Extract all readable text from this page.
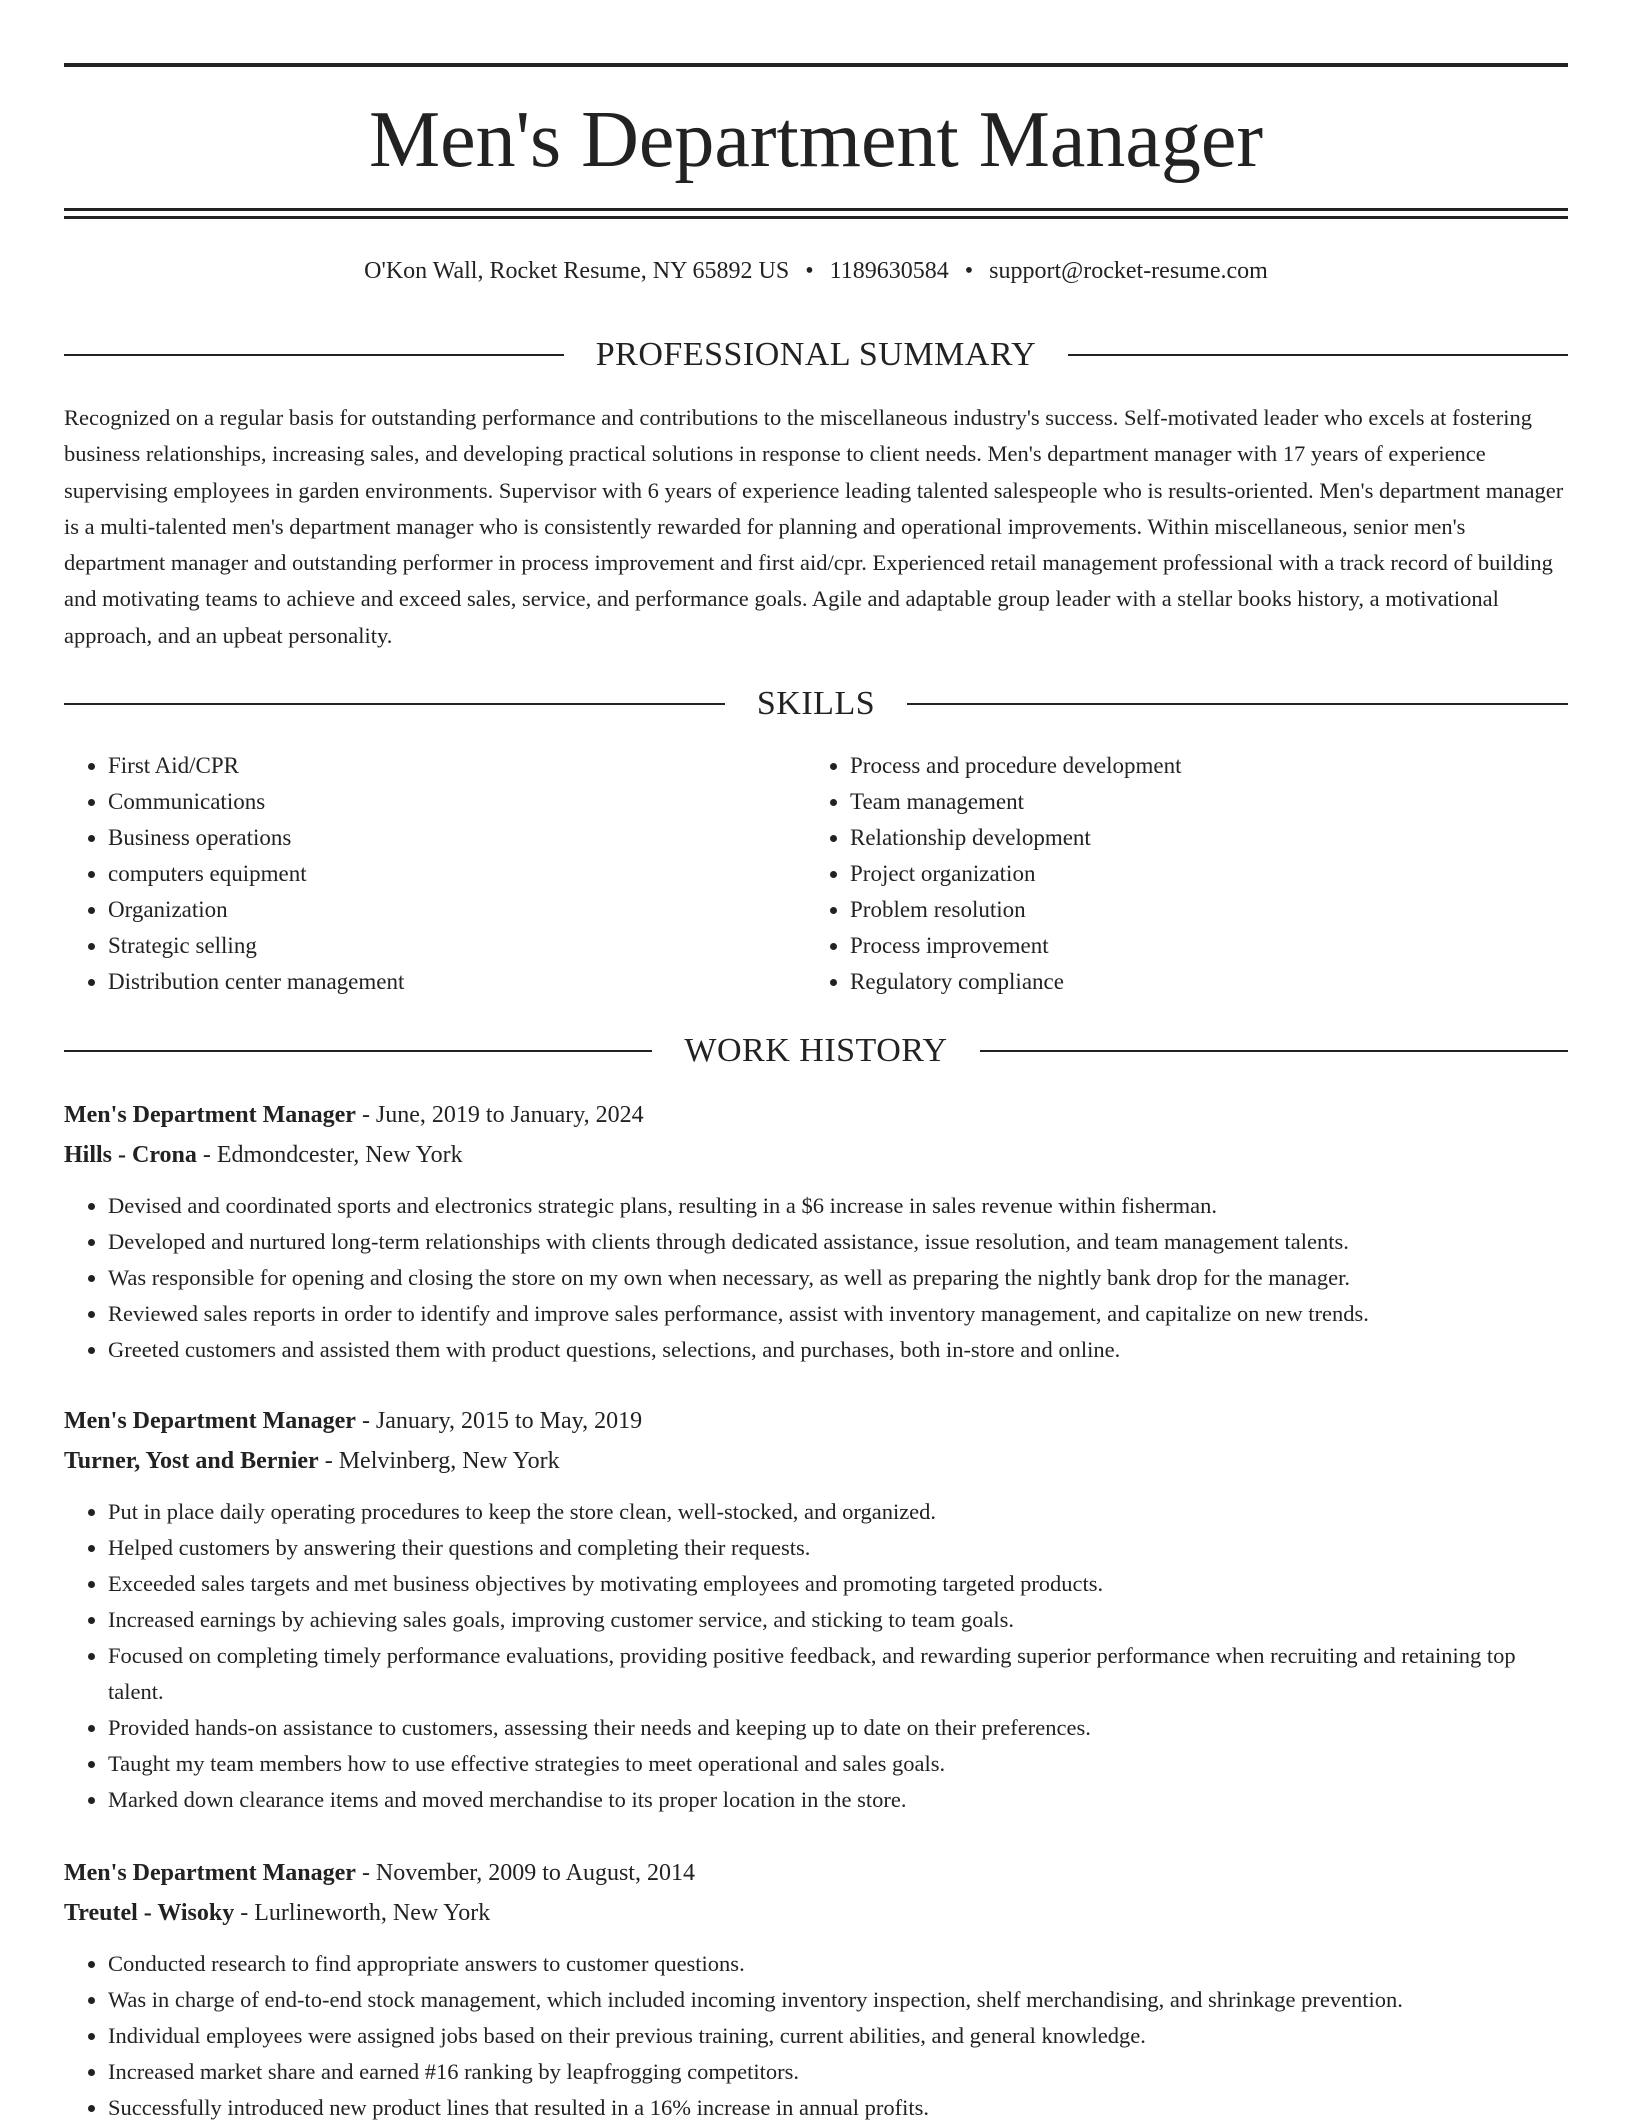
Men's Department Manager
O'Kon Wall, Rocket Resume, NY 65892 US • 1189630584 • support@rocket-resume.com
PROFESSIONAL SUMMARY

Recognized on a regular basis for outstanding performance and contributions to the miscellaneous industry's success. Self-motivated leader who excels at fostering business relationships, increasing sales, and developing practical solutions in response to client needs. Men's department manager with 17 years of experience supervising employees in garden environments. Supervisor with 6 years of experience leading talented salespeople who is results-oriented. Men's department manager is a multi-talented men's department manager who is consistently rewarded for planning and operational improvements. Within miscellaneous, senior men's department manager and outstanding performer in process improvement and first aid/cpr. Experienced retail management professional with a track record of building and motivating teams to achieve and exceed sales, service, and performance goals. Agile and adaptable group leader with a stellar books history, a motivational approach, and an upbeat personality.

SKILLS
• First Aid/CPR
• Communications
• Business operations
• computers equipment
• Organization
• Strategic selling
• Distribution center management
• Process and procedure development
• Team management
• Relationship development
• Project organization
• Problem resolution
• Process improvement
• Regulatory compliance
WORK HISTORY

Men's Department Manager - June, 2019 to January, 2024

Hills - Crona - Edmondcester, New York

• Devised and coordinated sports and electronics strategic plans, resulting in a $6 increase in sales revenue within fisherman.
• Developed and nurtured long-term relationships with clients through dedicated assistance, issue resolution, and team management talents.
• Was responsible for opening and closing the store on my own when necessary, as well as preparing the nightly bank drop for the manager.
• Reviewed sales reports in order to identify and improve sales performance, assist with inventory management, and capitalize on new trends.
• Greeted customers and assisted them with product questions, selections, and purchases, both in-store and online.

Men's Department Manager - January, 2015 to May, 2019

Turner, Yost and Bernier - Melvinberg, New York

• Put in place daily operating procedures to keep the store clean, well-stocked, and organized.
• Helped customers by answering their questions and completing their requests.
• Exceeded sales targets and met business objectives by motivating employees and promoting targeted products.
• Increased earnings by achieving sales goals, improving customer service, and sticking to team goals.
• Focused on completing timely performance evaluations, providing positive feedback, and rewarding superior performance when recruiting and retaining top talent.
• Provided hands-on assistance to customers, assessing their needs and keeping up to date on their preferences.
• Taught my team members how to use effective strategies to meet operational and sales goals.
• Marked down clearance items and moved merchandise to its proper location in the store.

Men's Department Manager - November, 2009 to August, 2014

Treutel - Wisoky - Lurlineworth, New York

• Conducted research to find appropriate answers to customer questions.
• Was in charge of end-to-end stock management, which included incoming inventory inspection, shelf merchandising, and shrinkage prevention.
• Individual employees were assigned jobs based on their previous training, current abilities, and general knowledge.
• Increased market share and earned #16 ranking by leapfrogging competitors.
• Successfully introduced new product lines that resulted in a 16% increase in annual profits.
